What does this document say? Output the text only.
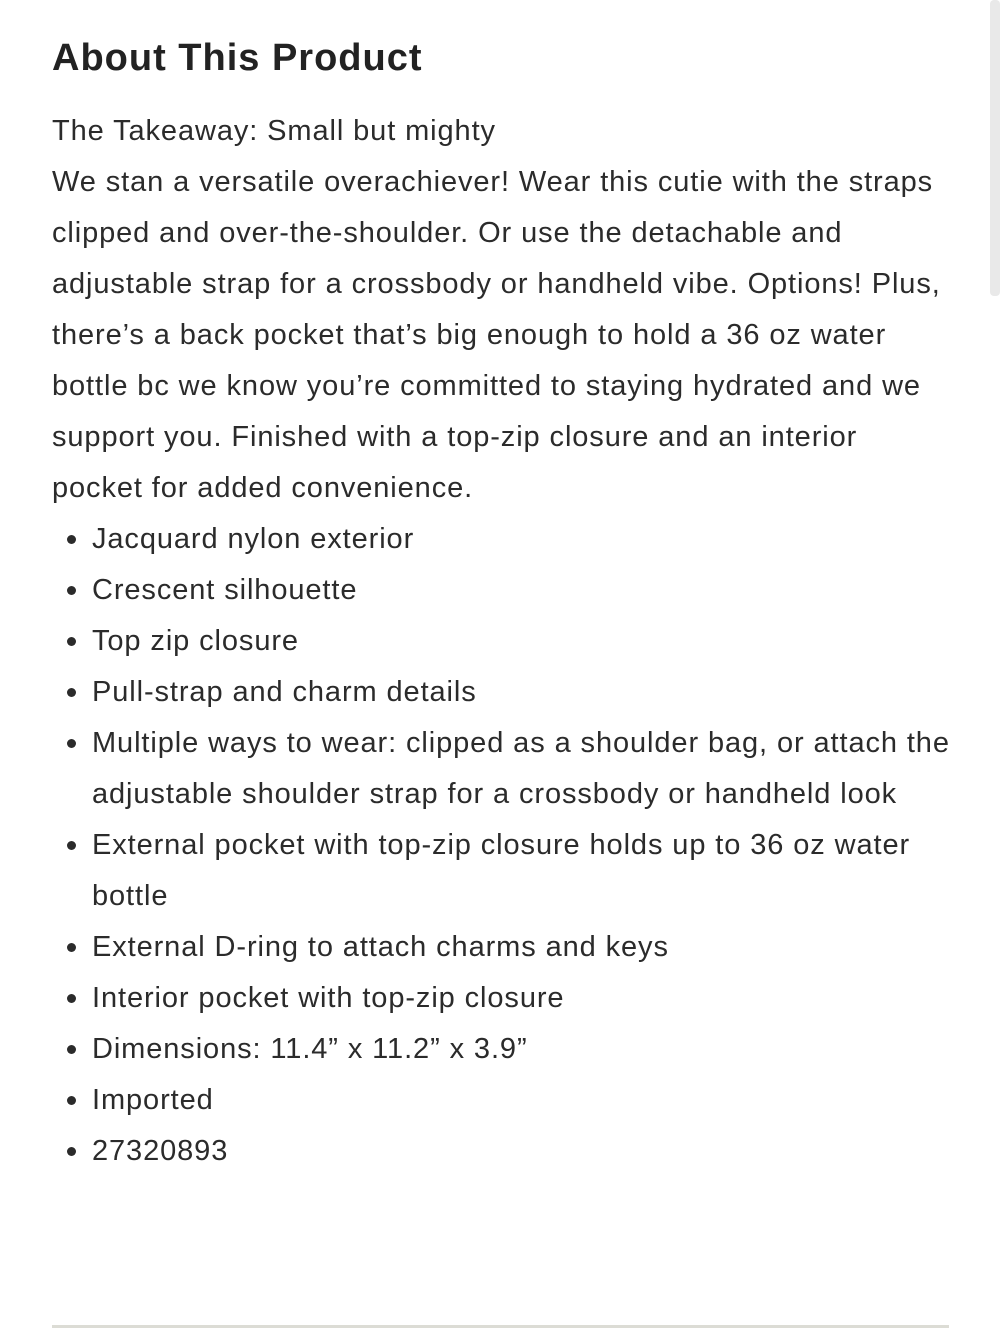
About This Product

The Takeaway: Small but mighty

We stan a versatile overachiever! Wear this cutie with the straps clipped and over-the-shoulder. Or use the detachable and adjustable strap for a crossbody or handheld vibe. Options! Plus, there’s a back pocket that’s big enough to hold a 36 oz water bottle bc we know you’re committed to staying hydrated and we support you. Finished with a top-zip closure and an interior pocket for added convenience.

Jacquard nylon exterior
Crescent silhouette
Top zip closure
Pull-strap and charm details
Multiple ways to wear: clipped as a shoulder bag, or attach the adjustable shoulder strap for a crossbody or handheld look
External pocket with top-zip closure holds up to 36 oz water bottle
External D-ring to attach charms and keys
Interior pocket with top-zip closure
Dimensions: 11.4” x 11.2” x 3.9”
Imported
27320893
